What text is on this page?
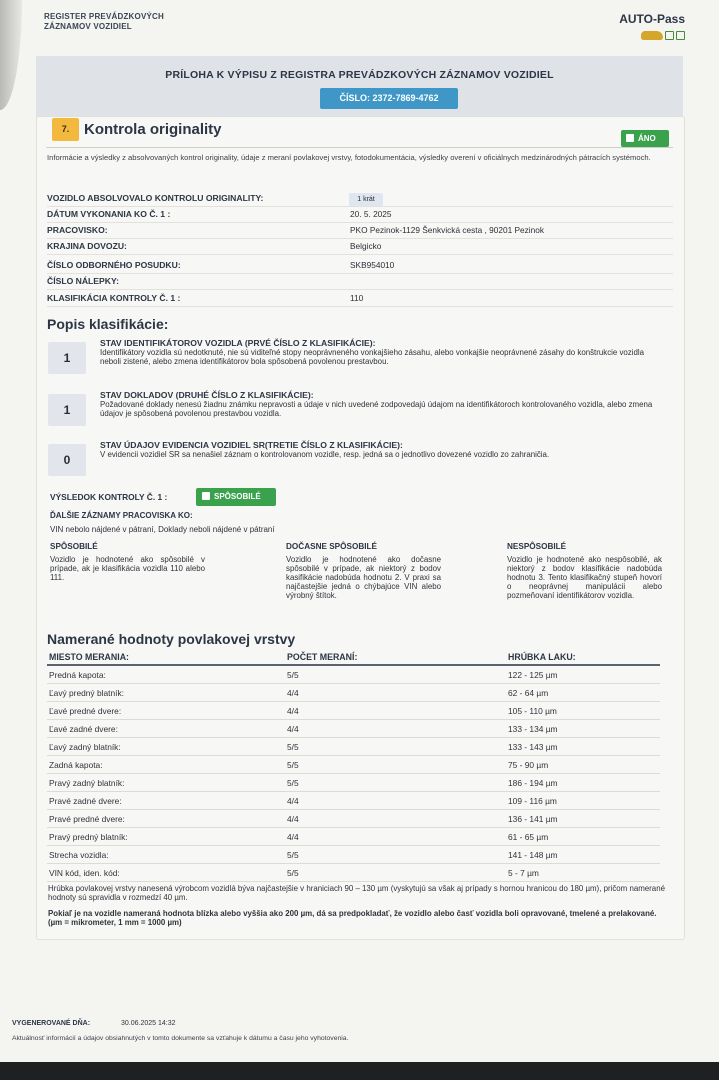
REGISTER PREVÁDZKOVÝCH
ZÁZNAMOV VOZIDIEL
AUTO-Pass
PRÍLOHA K VÝPISU Z REGISTRA PREVÁDZKOVÝCH ZÁZNAMOV VOZIDIEL
ČÍSLO: 2372-7869-4762
7. Kontrola originality
ÁNO
Informácie a výsledky z absolvovaných kontrol originality, údaje z meraní povlakovej vrstvy, fotodokumentácia, výsledky overení v oficiálnych medzinárodných pátracích systémoch.
VOZIDLO ABSOLVOVALO KONTROLU ORIGINALITY:	1 krát
DÁTUM VYKONANIA KO Č. 1 :	20. 5. 2025
PRACOVISKO:	PKO Pezinok-1129 Šenkvická cesta , 90201 Pezinok
KRAJINA DOVOZU:	Belgicko
ČÍSLO ODBORNÉHO POSUDKU:	SKB954010
ČÍSLO NÁLEPKY:
KLASIFIKÁCIA KONTROLY Č. 1 :	110
Popis klasifikácie:
1
STAV IDENTIFIKÁTOROV VOZIDLA (PRVÉ ČÍSLO Z KLASIFIKÁCIE):
Identifikátory vozidla sú nedotknuté, nie sú viditeľné stopy neoprávneného vonkajšieho zásahu, alebo vonkajšie neoprávnené zásahy do konštrukcie vozidla neboli zistené, alebo zmena identifikátorov bola spôsobená povolenou prestavbou.
1
STAV DOKLADOV (DRUHÉ ČÍSLO Z KLASIFIKÁCIE):
Požadované doklady nenesú žiadnu známku nepravosti a údaje v nich uvedené zodpovedajú údajom na identifikátoroch kontrolovaného vozidla, alebo zmena údajov je spôsobená povolenou prestavbou vozidla.
0
STAV ÚDAJOV EVIDENCIA VOZIDIEL SR(TRETIE ČÍSLO Z KLASIFIKÁCIE):
V evidencii vozidiel SR sa nenašiel záznam o kontrolovanom vozidle, resp. jedná sa o jednotlivo dovezené vozidlo zo zahraničia.
VÝSLEDOK KONTROLY Č. 1 :	SPÔSOBILÉ
ĎALŠIE ZÁZNAMY PRACOVISKA KO:
VIN nebolo nájdené v pátraní, Doklady neboli nájdené v pátraní
SPÔSOBILÉ
Vozidlo je hodnotené ako spôsobilé v prípade, ak je klasifikácia vozidla 110 alebo 111.
DOČASNE SPÔSOBILÉ
Vozidlo je hodnotené ako dočasne spôsobilé v prípade, ak niektorý z bodov kasifikácie nadobúda hodnotu 2. V praxi sa najčastejšie jedná o chýbajúce VIN alebo výrobný štítok.
NESPÔSOBILÉ
Vozidlo je hodnotené ako nespôsobilé, ak niektorý z bodov klasifikácie nadobúda hodnotu 3. Tento klasifikačný stupeň hovorí o neoprávnej manipulácii alebo pozmeňovaní identifikátorov vozidla.
Namerané hodnoty povlakovej vrstvy
MIESTO MERANIA:	POČET MERANÍ:	HRÚBKA LAKU:
Predná kapota:	5/5	122 - 125 µm
Ľavý predný blatník:	4/4	62 - 64 µm
Ľavé predné dvere:	4/4	105 - 110 µm
Ľavé zadné dvere:	4/4	133 - 134 µm
Ľavý zadný blatník:	5/5	133 - 143 µm
Zadná kapota:	5/5	75 - 90 µm
Pravý zadný blatník:	5/5	186 - 194 µm
Pravé zadné dvere:	4/4	109 - 116 µm
Pravé predné dvere:	4/4	136 - 141 µm
Pravý predný blatník:	4/4	61 - 65 µm
Strecha vozidla:	5/5	141 - 148 µm
VIN kód, iden. kód:	5/5	5 - 7 µm
Hrúbka povlakovej vrstvy nanesená výrobcom vozidlá býva najčastejšie v hraniciach 90 – 130 µm (vyskytujú sa však aj prípady s hornou hranicou do 180 µm), pričom namerané hodnoty sú spravidla v rozmedzí 40 µm.
Pokiaľ je na vozidle nameraná hodnota blízka alebo vyššia ako 200 µm, dá sa predpokladať, že vozidlo alebo časť vozidla boli opravované, tmelené a prelakované. (µm = mikrometer, 1 mm = 1000 µm)
VYGENEROVANÉ DŇA:	30.06.2025 14:32
Aktuálnosť informácií a údajov obsiahnutých v tomto dokumente sa vzťahuje k dátumu a času jeho vyhotovenia.
